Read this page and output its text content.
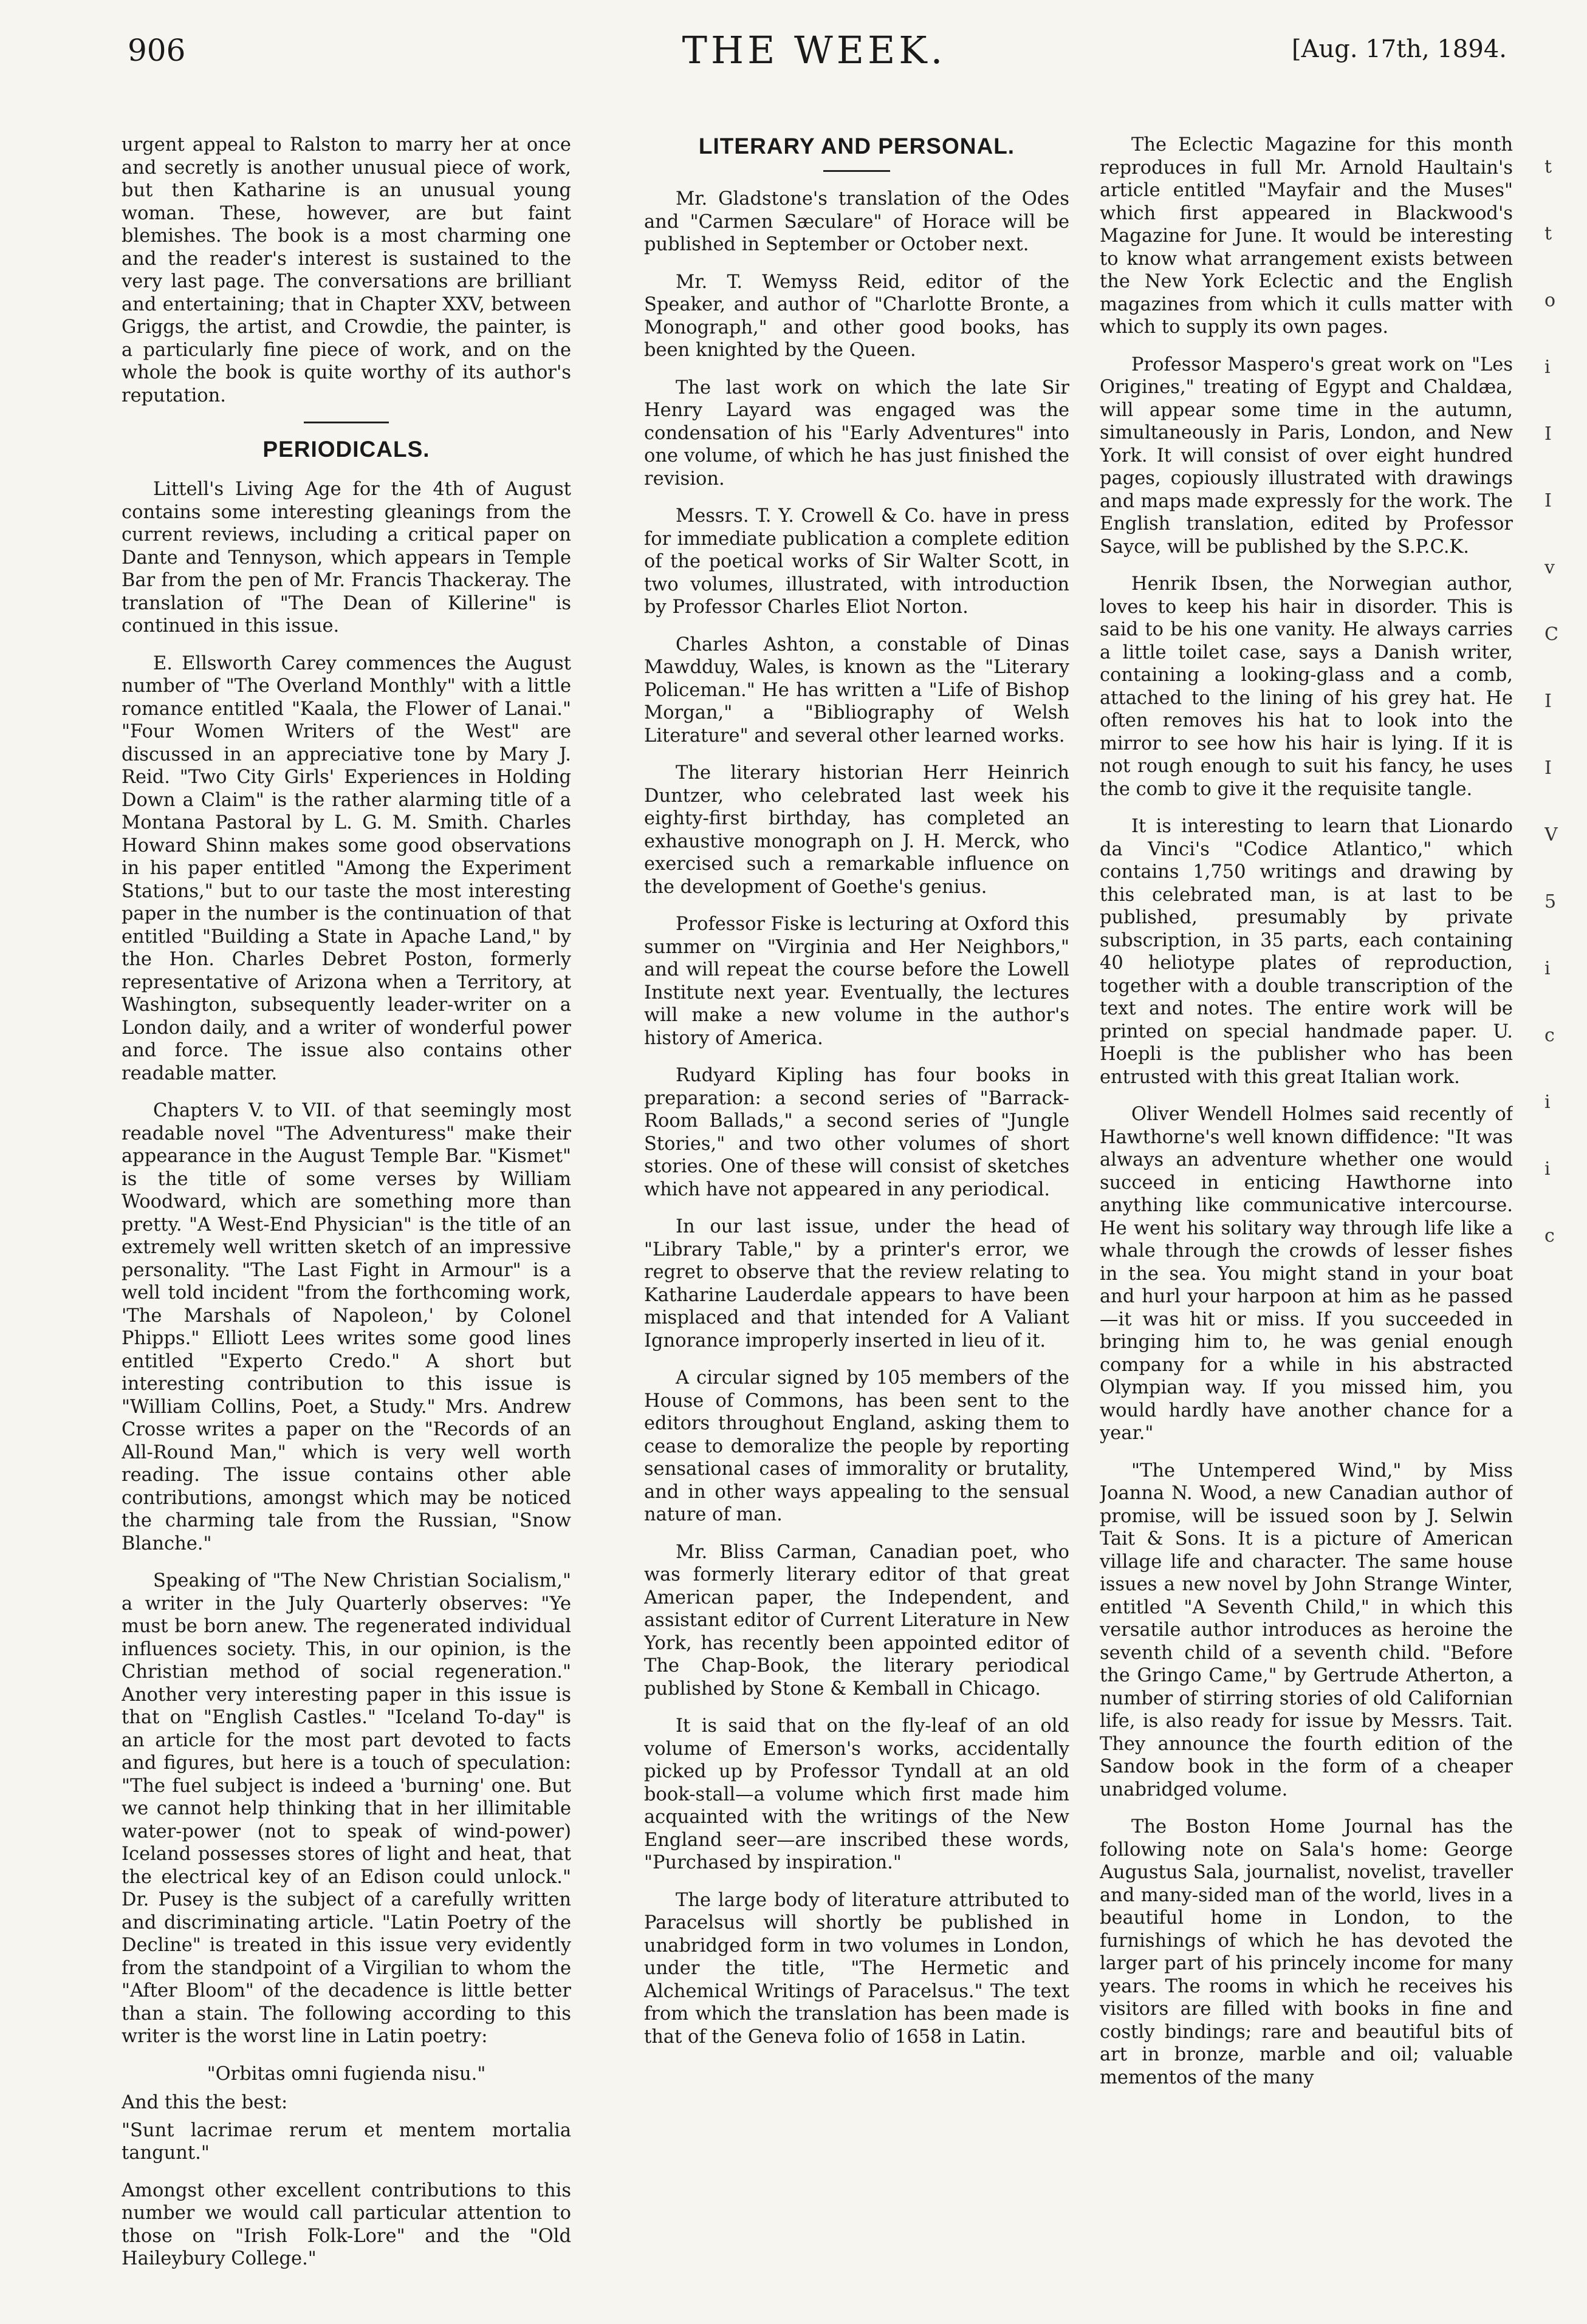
906	THE WEEK.	[Aug. 17th, 1894.

urgent appeal to Ralston to marry her at once and secretly is another unusual piece of work, but then Katharine is an unusual young woman. These, however, are but faint blemishes. The book is a most charming one and the reader's interest is sustained to the very last page. The conversations are brilliant and entertaining; that in Chapter XXV, between Griggs, the artist, and Crowdie, the painter, is a particularly fine piece of work, and on the whole the book is quite worthy of its author's reputation.

PERIODICALS.

Littell's Living Age for the 4th of August contains some interesting gleanings from the current reviews, including a critical paper on Dante and Tennyson, which appears in Temple Bar from the pen of Mr. Francis Thackeray. The translation of "The Dean of Killerine" is continued in this issue.

E. Ellsworth Carey commences the August number of "The Overland Monthly" with a little romance entitled "Kaala, the Flower of Lanai." "Four Women Writers of the West" are discussed in an appreciative tone by Mary J. Reid. "Two City Girls' Experiences in Holding Down a Claim" is the rather alarming title of a Montana Pastoral by L. G. M. Smith. Charles Howard Shinn makes some good observations in his paper entitled "Among the Experiment Stations," but to our taste the most interesting paper in the number is the continuation of that entitled "Building a State in Apache Land," by the Hon. Charles Debret Poston, formerly representative of Arizona when a Territory, at Washington, subsequently leader-writer on a London daily, and a writer of wonderful power and force. The issue also contains other readable matter.

Chapters V. to VII. of that seemingly most readable novel "The Adventuress" make their appearance in the August Temple Bar. "Kismet" is the title of some verses by William Woodward, which are something more than pretty. "A West-End Physician" is the title of an extremely well written sketch of an impressive personality. "The Last Fight in Armour" is a well told incident "from the forthcoming work, 'The Marshals of Napoleon,' by Colonel Phipps." Elliott Lees writes some good lines entitled "Experto Credo." A short but interesting contribution to this issue is "William Collins, Poet, a Study." Mrs. Andrew Crosse writes a paper on the "Records of an All-Round Man," which is very well worth reading. The issue contains other able contributions, amongst which may be noticed the charming tale from the Russian, "Snow Blanche."

Speaking of "The New Christian Socialism," a writer in the July Quarterly observes: "Ye must be born anew. The regenerated individual influences society. This, in our opinion, is the Christian method of social regeneration." Another very interesting paper in this issue is that on "English Castles." "Iceland To-day" is an article for the most part devoted to facts and figures, but here is a touch of speculation: "The fuel subject is indeed a 'burning' one. But we cannot help thinking that in her illimitable water-power (not to speak of wind-power) Iceland possesses stores of light and heat, that the electrical key of an Edison could unlock." Dr. Pusey is the subject of a carefully written and discriminating article. "Latin Poetry of the Decline" is treated in this issue very evidently from the standpoint of a Virgilian to whom the "After Bloom" of the decadence is little better than a stain. The following according to this writer is the worst line in Latin poetry:

"Orbitas omni fugienda nisu."

And this the best:

"Sunt lacrimae rerum et mentem mortalia tangunt."

Amongst other excellent contributions to this number we would call particular attention to those on "Irish Folk-Lore" and the "Old Haileybury College."

LITERARY AND PERSONAL.

Mr. Gladstone's translation of the Odes and "Carmen Sæculare" of Horace will be published in September or October next.

Mr. T. Wemyss Reid, editor of the Speaker, and author of "Charlotte Bronte, a Monograph," and other good books, has been knighted by the Queen.

The last work on which the late Sir Henry Layard was engaged was the condensation of his "Early Adventures" into one volume, of which he has just finished the revision.

Messrs. T. Y. Crowell & Co. have in press for immediate publication a complete edition of the poetical works of Sir Walter Scott, in two volumes, illustrated, with introduction by Professor Charles Eliot Norton.

Charles Ashton, a constable of Dinas Mawdduy, Wales, is known as the "Literary Policeman." He has written a "Life of Bishop Morgan," a "Bibliography of Welsh Literature" and several other learned works.

The literary historian Herr Heinrich Duntzer, who celebrated last week his eighty-first birthday, has completed an exhaustive monograph on J. H. Merck, who exercised such a remarkable influence on the development of Goethe's genius.

Professor Fiske is lecturing at Oxford this summer on "Virginia and Her Neighbors," and will repeat the course before the Lowell Institute next year. Eventually, the lectures will make a new volume in the author's history of America.

Rudyard Kipling has four books in preparation: a second series of "Barrack-Room Ballads," a second series of "Jungle Stories," and two other volumes of short stories. One of these will consist of sketches which have not appeared in any periodical.

In our last issue, under the head of "Library Table," by a printer's error, we regret to observe that the review relating to Katharine Lauderdale appears to have been misplaced and that intended for A Valiant Ignorance improperly inserted in lieu of it.

A circular signed by 105 members of the House of Commons, has been sent to the editors throughout England, asking them to cease to demoralize the people by reporting sensational cases of immorality or brutality, and in other ways appealing to the sensual nature of man.

Mr. Bliss Carman, Canadian poet, who was formerly literary editor of that great American paper, the Independent, and assistant editor of Current Literature in New York, has recently been appointed editor of The Chap-Book, the literary periodical published by Stone & Kemball in Chicago.

It is said that on the fly-leaf of an old volume of Emerson's works, accidentally picked up by Professor Tyndall at an old book-stall—a volume which first made him acquainted with the writings of the New England seer—are inscribed these words, "Purchased by inspiration."

The large body of literature attributed to Paracelsus will shortly be published in unabridged form in two volumes in London, under the title, "The Hermetic and Alchemical Writings of Paracelsus." The text from which the translation has been made is that of the Geneva folio of 1658 in Latin.

The Eclectic Magazine for this month reproduces in full Mr. Arnold Haultain's article entitled "Mayfair and the Muses" which first appeared in Blackwood's Magazine for June. It would be interesting to know what arrangement exists between the New York Eclectic and the English magazines from which it culls matter with which to supply its own pages.

Professor Maspero's great work on "Les Origines," treating of Egypt and Chaldæa, will appear some time in the autumn, simultaneously in Paris, London, and New York. It will consist of over eight hundred pages, copiously illustrated with drawings and maps made expressly for the work. The English translation, edited by Professor Sayce, will be published by the S.P.C.K.

Henrik Ibsen, the Norwegian author, loves to keep his hair in disorder. This is said to be his one vanity. He always carries a little toilet case, says a Danish writer, containing a looking-glass and a comb, attached to the lining of his grey hat. He often removes his hat to look into the mirror to see how his hair is lying. If it is not rough enough to suit his fancy, he uses the comb to give it the requisite tangle.

It is interesting to learn that Lionardo da Vinci's "Codice Atlantico," which contains 1,750 writings and drawing by this celebrated man, is at last to be published, presumably by private subscription, in 35 parts, each containing 40 heliotype plates of reproduction, together with a double transcription of the text and notes. The entire work will be printed on special handmade paper. U. Hoepli is the publisher who has been entrusted with this great Italian work.

Oliver Wendell Holmes said recently of Hawthorne's well known diffidence: "It was always an adventure whether one would succeed in enticing Hawthorne into anything like communicative intercourse. He went his solitary way through life like a whale through the crowds of lesser fishes in the sea. You might stand in your boat and hurl your harpoon at him as he passed —it was hit or miss. If you succeeded in bringing him to, he was genial enough company for a while in his abstracted Olympian way. If you missed him, you would hardly have another chance for a year."

"The Untempered Wind," by Miss Joanna N. Wood, a new Canadian author of promise, will be issued soon by J. Selwin Tait & Sons. It is a picture of American village life and character. The same house issues a new novel by John Strange Winter, entitled "A Seventh Child," in which this versatile author introduces as heroine the seventh child of a seventh child. "Before the Gringo Came," by Gertrude Atherton, a number of stirring stories of old Californian life, is also ready for issue by Messrs. Tait. They announce the fourth edition of the Sandow book in the form of a cheaper unabridged volume.

The Boston Home Journal has the following note on Sala's home: George Augustus Sala, journalist, novelist, traveller and many-sided man of the world, lives in a beautiful home in London, to the furnishings of which he has devoted the larger part of his princely income for many years. The rooms in which he receives his visitors are filled with books in fine and costly bindings; rare and beautiful bits of art in bronze, marble and oil; valuable mementos of the many

t
t
o
i
I
I
v
C
I
I
V
5
i
c
i
i
c
